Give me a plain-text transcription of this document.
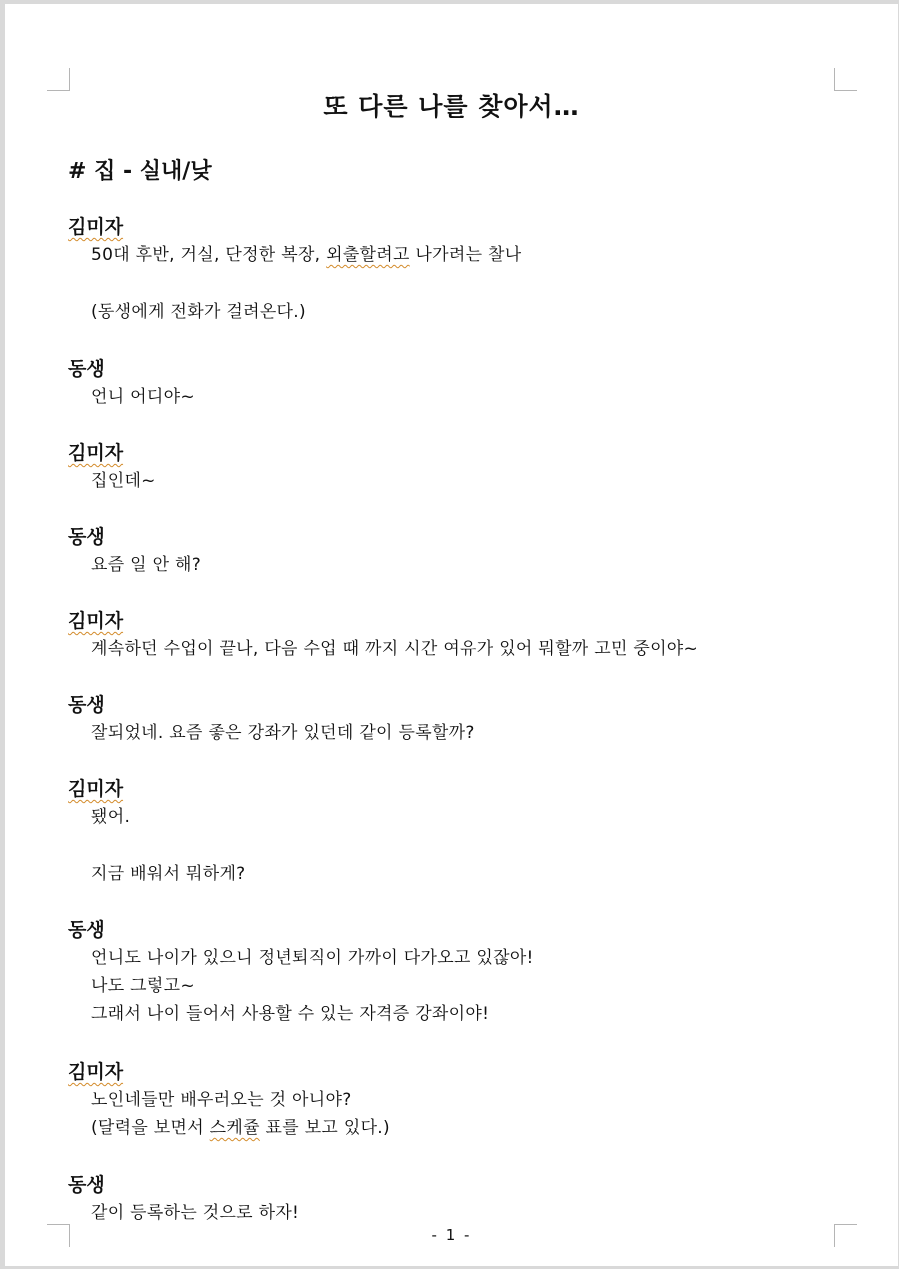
또 다른 나를 찾아서…
# 집 - 실내/낮
김미자
50대 후반, 거실, 단정한 복장, 외출할려고 나가려는 찰나
(동생에게 전화가 걸려온다.)
동생
언니 어디야~
김미자
집인데~
동생
요즘 일 안 해?
김미자
계속하던 수업이 끝나, 다음 수업 때 까지 시간 여유가 있어 뭐할까 고민 중이야~
동생
잘되었네. 요즘 좋은 강좌가 있던데 같이 등록할까?
김미자
됐어.
지금 배워서 뭐하게?
동생
언니도 나이가 있으니 정년퇴직이 가까이 다가오고 있잖아!
나도 그렇고~
그래서 나이 들어서 사용할 수 있는 자격증 강좌이야!
김미자
노인네들만 배우러오는 것 아니야?
(달력을 보면서 스케쥴 표를 보고 있다.)
동생
같이 등록하는 것으로 하자!
- 1 -
